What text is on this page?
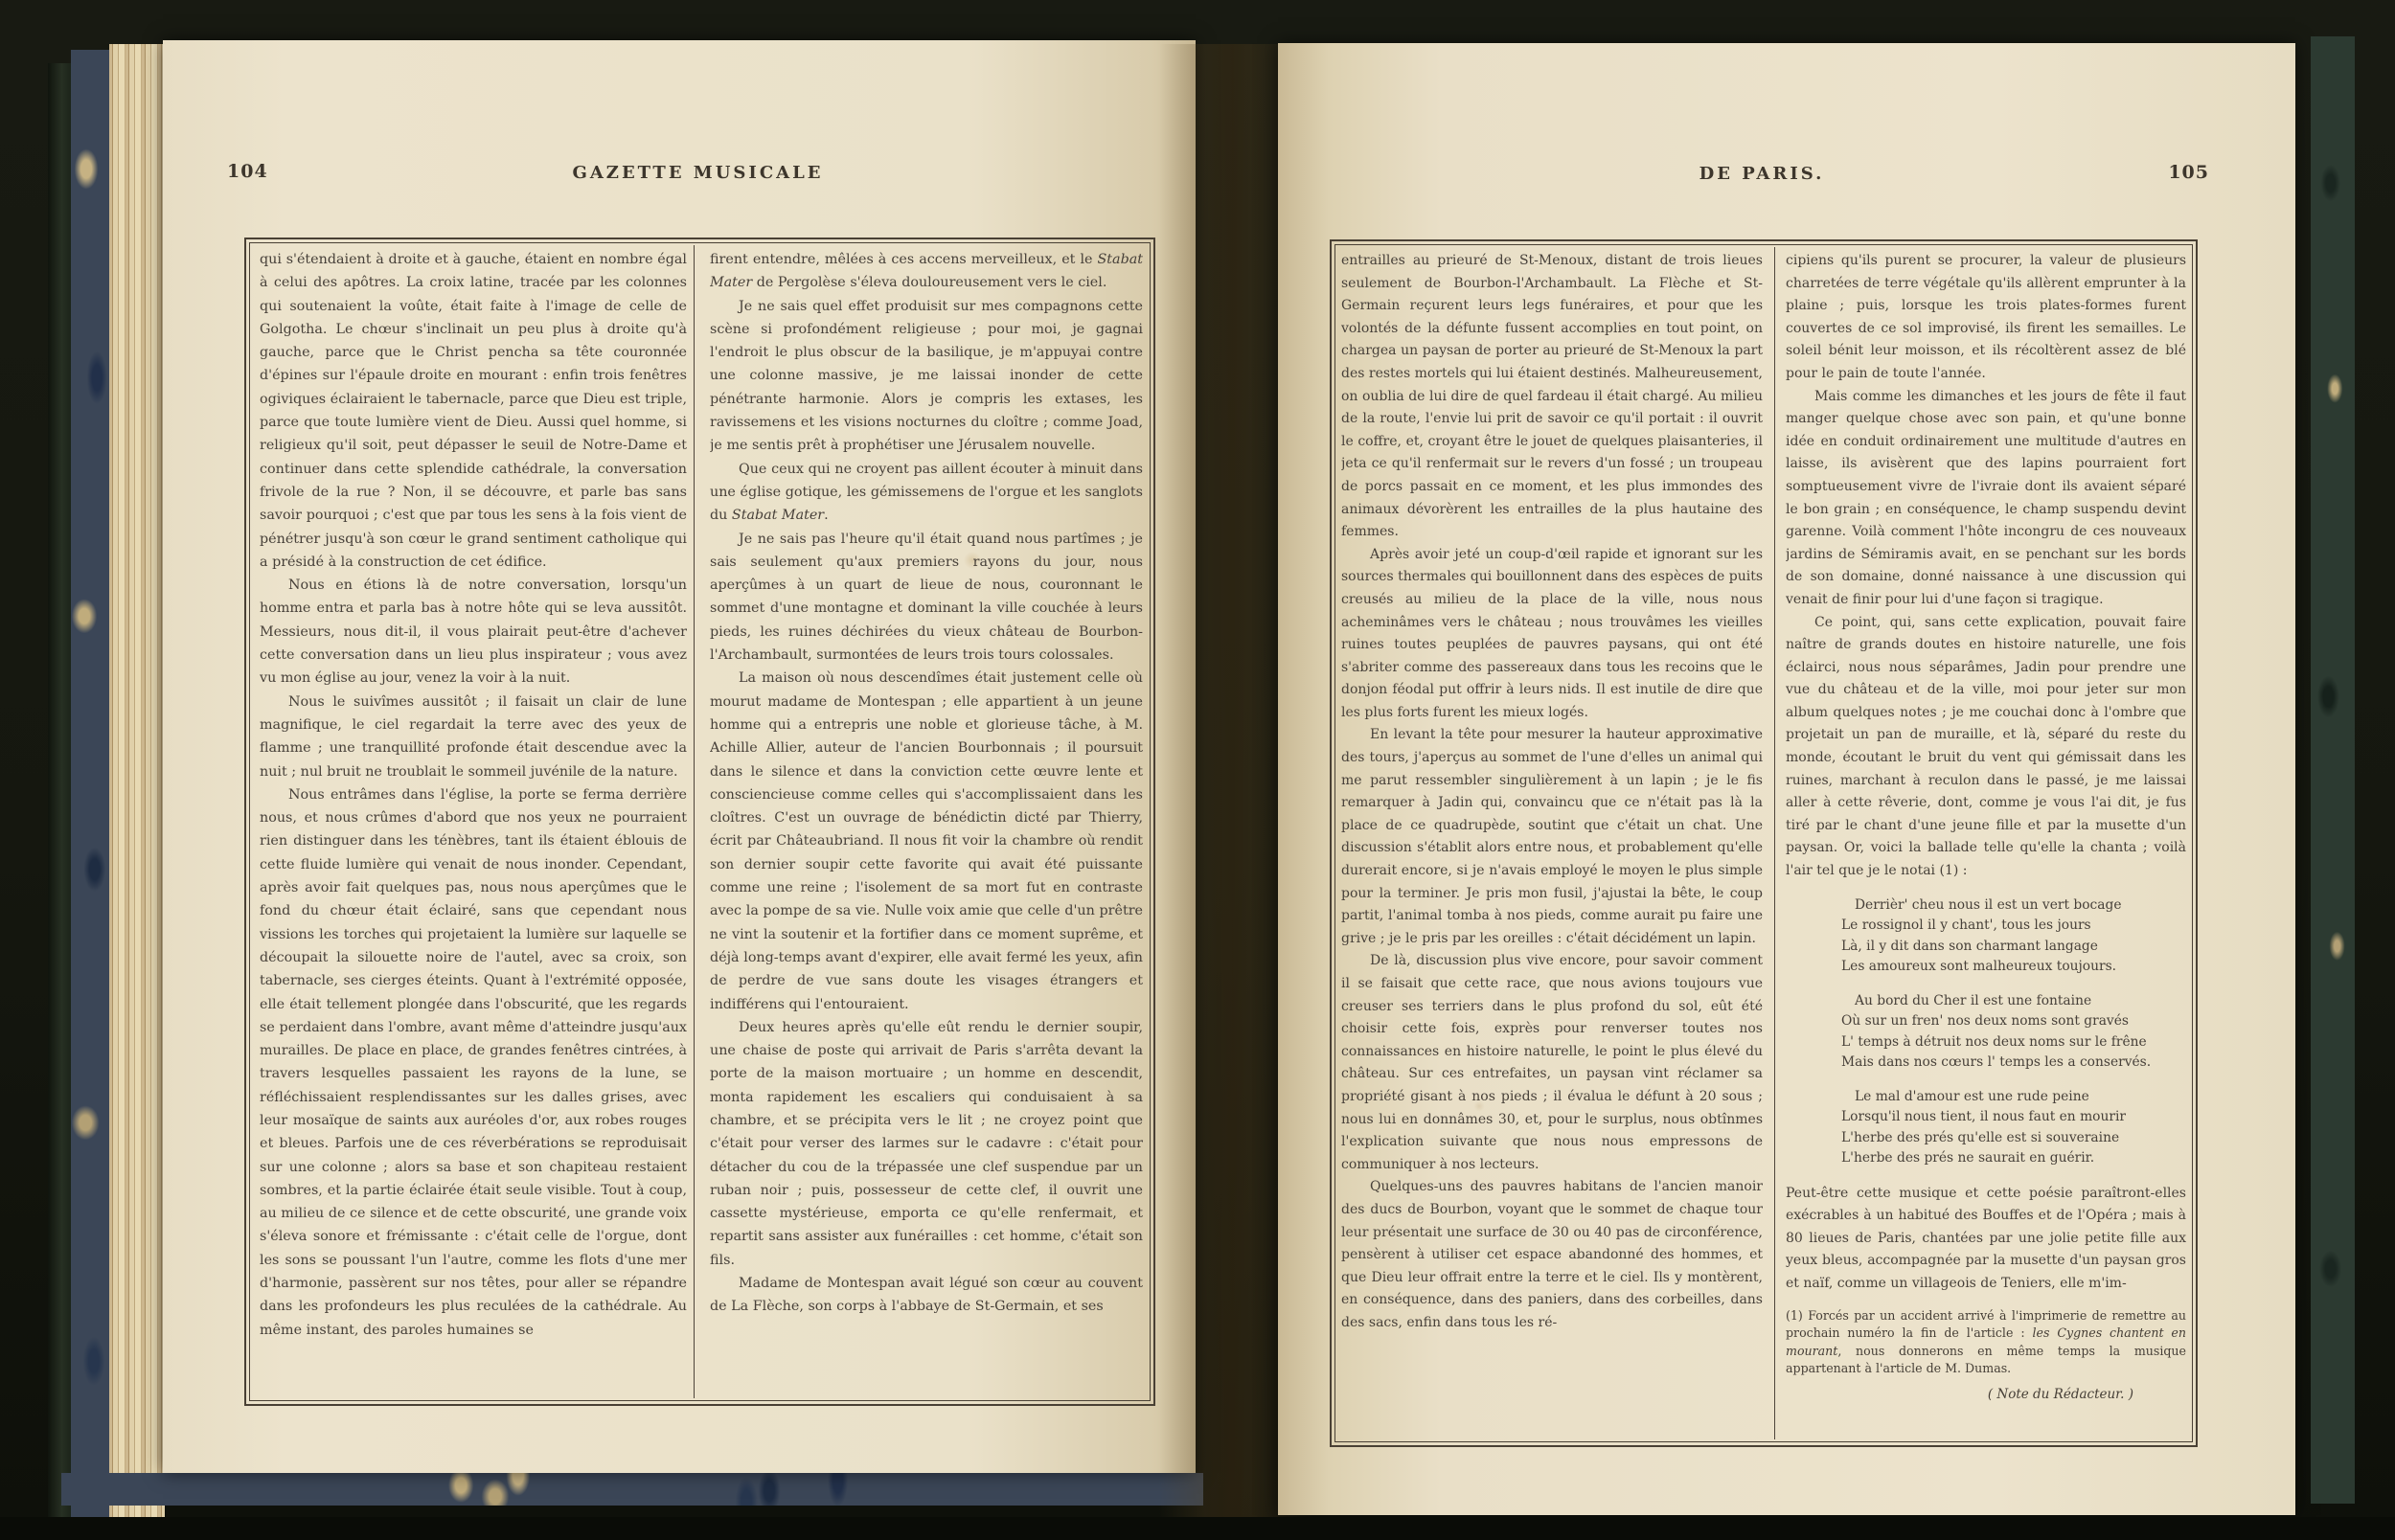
104	GAZETTE MUSICALE

qui s'étendaient à droite et à gauche, étaient en nombre égal à celui des apôtres. La croix latine, tracée par les colonnes qui soutenaient la voûte, était faite à l'image de celle de Golgotha. Le chœur s'inclinait un peu plus à droite qu'à gauche, parce que le Christ pencha sa tête couronnée d'épines sur l'épaule droite en mourant : enfin trois fenêtres ogiviques éclairaient le tabernacle, parce que Dieu est triple, parce que toute lumière vient de Dieu. Aussi quel homme, si religieux qu'il soit, peut dépasser le seuil de Notre-Dame et continuer dans cette splendide cathédrale, la conversation frivole de la rue ? Non, il se découvre, et parle bas sans savoir pourquoi ; c'est que par tous les sens à la fois vient de pénétrer jusqu'à son cœur le grand sentiment catholique qui a présidé à la construction de cet édifice.

Nous en étions là de notre conversation, lorsqu'un homme entra et parla bas à notre hôte qui se leva aussitôt. Messieurs, nous dit-il, il vous plairait peut-être d'achever cette conversation dans un lieu plus inspirateur ; vous avez vu mon église au jour, venez la voir à la nuit.

Nous le suivîmes aussitôt ; il faisait un clair de lune magnifique, le ciel regardait la terre avec des yeux de flamme ; une tranquillité profonde était descendue avec la nuit ; nul bruit ne troublait le sommeil juvénile de la nature.

Nous entrâmes dans l'église, la porte se ferma derrière nous, et nous crûmes d'abord que nos yeux ne pourraient rien distinguer dans les ténèbres, tant ils étaient éblouis de cette fluide lumière qui venait de nous inonder. Cependant, après avoir fait quelques pas, nous nous aperçûmes que le fond du chœur était éclairé, sans que cependant nous vissions les torches qui projetaient la lumière sur laquelle se découpait la silouette noire de l'autel, avec sa croix, son tabernacle, ses cierges éteints. Quant à l'extrémité opposée, elle était tellement plongée dans l'obscurité, que les regards se perdaient dans l'ombre, avant même d'atteindre jusqu'aux murailles. De place en place, de grandes fenêtres cintrées, à travers lesquelles passaient les rayons de la lune, se réfléchissaient resplendissantes sur les dalles grises, avec leur mosaïque de saints aux auréoles d'or, aux robes rouges et bleues. Parfois une de ces réverbérations se reproduisait sur une colonne ; alors sa base et son chapiteau restaient sombres, et la partie éclairée était seule visible. Tout à coup, au milieu de ce silence et de cette obscurité, une grande voix s'éleva sonore et frémissante : c'était celle de l'orgue, dont les sons se poussant l'un l'autre, comme les flots d'une mer d'harmonie, passèrent sur nos têtes, pour aller se répandre dans les profondeurs les plus reculées de la cathédrale. Au même instant, des paroles humaines se

firent entendre, mêlées à ces accens merveilleux, et le Stabat Mater de Pergolèse s'éleva douloureusement vers le ciel.

Je ne sais quel effet produisit sur mes compagnons cette scène si profondément religieuse ; pour moi, je gagnai l'endroit le plus obscur de la basilique, je m'appuyai contre une colonne massive, je me laissai inonder de cette pénétrante harmonie. Alors je compris les extases, les ravissemens et les visions nocturnes du cloître ; comme Joad, je me sentis prêt à prophétiser une Jérusalem nouvelle.

Que ceux qui ne croyent pas aillent écouter à minuit dans une église gotique, les gémissemens de l'orgue et les sanglots du Stabat Mater.

Je ne sais pas l'heure qu'il était quand nous partîmes ; je sais seulement qu'aux premiers rayons du jour, nous aperçûmes à un quart de lieue de nous, couronnant le sommet d'une montagne et dominant la ville couchée à leurs pieds, les ruines déchirées du vieux château de Bourbon-l'Archambault, surmontées de leurs trois tours colossales.

La maison où nous descendîmes était justement celle où mourut madame de Montespan ; elle appartient à un jeune homme qui a entrepris une noble et glorieuse tâche, à M. Achille Allier, auteur de l'ancien Bourbonnais ; il poursuit dans le silence et dans la conviction cette œuvre lente et consciencieuse comme celles qui s'accomplissaient dans les cloîtres. C'est un ouvrage de bénédictin dicté par Thierry, écrit par Châteaubriand. Il nous fit voir la chambre où rendit son dernier soupir cette favorite qui avait été puissante comme une reine ; l'isolement de sa mort fut en contraste avec la pompe de sa vie. Nulle voix amie que celle d'un prêtre ne vint la soutenir et la fortifier dans ce moment suprême, et déjà long-temps avant d'expirer, elle avait fermé les yeux, afin de perdre de vue sans doute les visages étrangers et indifférens qui l'entouraient.

Deux heures après qu'elle eût rendu le dernier soupir, une chaise de poste qui arrivait de Paris s'arrêta devant la porte de la maison mortuaire ; un homme en descendit, monta rapidement les escaliers qui conduisaient à sa chambre, et se précipita vers le lit ; ne croyez point que c'était pour verser des larmes sur le cadavre : c'était pour détacher du cou de la trépassée une clef suspendue par un ruban noir ; puis, possesseur de cette clef, il ouvrit une cassette mystérieuse, emporta ce qu'elle renfermait, et repartit sans assister aux funérailles : cet homme, c'était son fils.

Madame de Montespan avait légué son cœur au couvent de La Flèche, son corps à l'abbaye de St-Germain, et ses

DE PARIS.	105

entrailles au prieuré de St-Menoux, distant de trois lieues seulement de Bourbon-l'Archambault. La Flèche et St-Germain reçurent leurs legs funéraires, et pour que les volontés de la défunte fussent accomplies en tout point, on chargea un paysan de porter au prieuré de St-Menoux la part des restes mortels qui lui étaient destinés. Malheureusement, on oublia de lui dire de quel fardeau il était chargé. Au milieu de la route, l'envie lui prit de savoir ce qu'il portait : il ouvrit le coffre, et, croyant être le jouet de quelques plaisanteries, il jeta ce qu'il renfermait sur le revers d'un fossé ; un troupeau de porcs passait en ce moment, et les plus immondes des animaux dévorèrent les entrailles de la plus hautaine des femmes.

Après avoir jeté un coup-d'œil rapide et ignorant sur les sources thermales qui bouillonnent dans des espèces de puits creusés au milieu de la place de la ville, nous nous acheminâmes vers le château ; nous trouvâmes les vieilles ruines toutes peuplées de pauvres paysans, qui ont été s'abriter comme des passereaux dans tous les recoins que le donjon féodal put offrir à leurs nids. Il est inutile de dire que les plus forts furent les mieux logés.

En levant la tête pour mesurer la hauteur approximative des tours, j'aperçus au sommet de l'une d'elles un animal qui me parut ressembler singulièrement à un lapin ; je le fis remarquer à Jadin qui, convaincu que ce n'était pas là la place de ce quadrupède, soutint que c'était un chat. Une discussion s'établit alors entre nous, et probablement qu'elle durerait encore, si je n'avais employé le moyen le plus simple pour la terminer. Je pris mon fusil, j'ajustai la bête, le coup partit, l'animal tomba à nos pieds, comme aurait pu faire une grive ; je le pris par les oreilles : c'était décidément un lapin.

De là, discussion plus vive encore, pour savoir comment il se faisait que cette race, que nous avions toujours vue creuser ses terriers dans le plus profond du sol, eût été choisir cette fois, exprès pour renverser toutes nos connaissances en histoire naturelle, le point le plus élevé du château. Sur ces entrefaites, un paysan vint réclamer sa propriété gisant à nos pieds ; il évalua le défunt à 20 sous ; nous lui en donnâmes 30, et, pour le surplus, nous obtînmes l'explication suivante que nous nous empressons de communiquer à nos lecteurs.

Quelques-uns des pauvres habitans de l'ancien manoir des ducs de Bourbon, voyant que le sommet de chaque tour leur présentait une surface de 30 ou 40 pas de circonférence, pensèrent à utiliser cet espace abandonné des hommes, et que Dieu leur offrait entre la terre et le ciel. Ils y montèrent, en conséquence, dans des paniers, dans des corbeilles, dans des sacs, enfin dans tous les ré-

cipiens qu'ils purent se procurer, la valeur de plusieurs charretées de terre végétale qu'ils allèrent emprunter à la plaine ; puis, lorsque les trois plates-formes furent couvertes de ce sol improvisé, ils firent les semailles. Le soleil bénit leur moisson, et ils récoltèrent assez de blé pour le pain de toute l'année.

Mais comme les dimanches et les jours de fête il faut manger quelque chose avec son pain, et qu'une bonne idée en conduit ordinairement une multitude d'autres en laisse, ils avisèrent que des lapins pourraient fort somptueusement vivre de l'ivraie dont ils avaient séparé le bon grain ; en conséquence, le champ suspendu devint garenne. Voilà comment l'hôte incongru de ces nouveaux jardins de Sémiramis avait, en se penchant sur les bords de son domaine, donné naissance à une discussion qui venait de finir pour lui d'une façon si tragique.

Ce point, qui, sans cette explication, pouvait faire naître de grands doutes en histoire naturelle, une fois éclairci, nous nous séparâmes, Jadin pour prendre une vue du château et de la ville, moi pour jeter sur mon album quelques notes ; je me couchai donc à l'ombre que projetait un pan de muraille, et là, séparé du reste du monde, écoutant le bruit du vent qui gémissait dans les ruines, marchant à reculon dans le passé, je me laissai aller à cette rêverie, dont, comme je vous l'ai dit, je fus tiré par le chant d'une jeune fille et par la musette d'un paysan. Or, voici la ballade telle qu'elle la chanta ; voilà l'air tel que je le notai (1) :

Derrièr' cheu nous il est un vert bocage
Le rossignol il y chant', tous les jours
Là, il y dit dans son charmant langage
Les amoureux sont malheureux toujours.
Au bord du Cher il est une fontaine
Où sur un fren' nos deux noms sont gravés
L' temps à détruit nos deux noms sur le frêne
Mais dans nos cœurs l' temps les a conservés.
Le mal d'amour est une rude peine
Lorsqu'il nous tient, il nous faut en mourir
L'herbe des prés qu'elle est si souveraine
L'herbe des prés ne saurait en guérir.

Peut-être cette musique et cette poésie paraîtront-elles exécrables à un habitué des Bouffes et de l'Opéra ; mais à 80 lieues de Paris, chantées par une jolie petite fille aux yeux bleus, accompagnée par la musette d'un paysan gros et naïf, comme un villageois de Teniers, elle m'im-

(1) Forcés par un accident arrivé à l'imprimerie de remettre au prochain numéro la fin de l'article : les Cygnes chantent en mourant, nous donnerons en même temps la musique appartenant à l'article de M. Dumas.
( Note du Rédacteur. )
